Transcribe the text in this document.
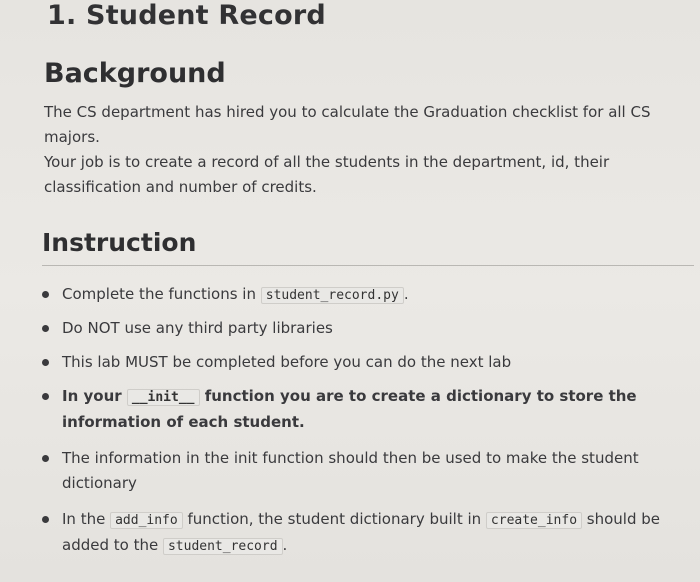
1. Student Record
Background

The CS department has hired you to calculate the Graduation checklist for all CS majors.

Your job is to create a record of all the students in the department, id, their classification and number of credits.

Instruction
Complete the functions in student_record.py .
Do NOT use any third party libraries
This lab MUST be completed before you can do the next lab
In your __init__ function you are to create a dictionary to store the information of each student.
The information in the init function should then be used to make the student dictionary
In the add_info function, the student dictionary built in create_info should be added to the student_record .
